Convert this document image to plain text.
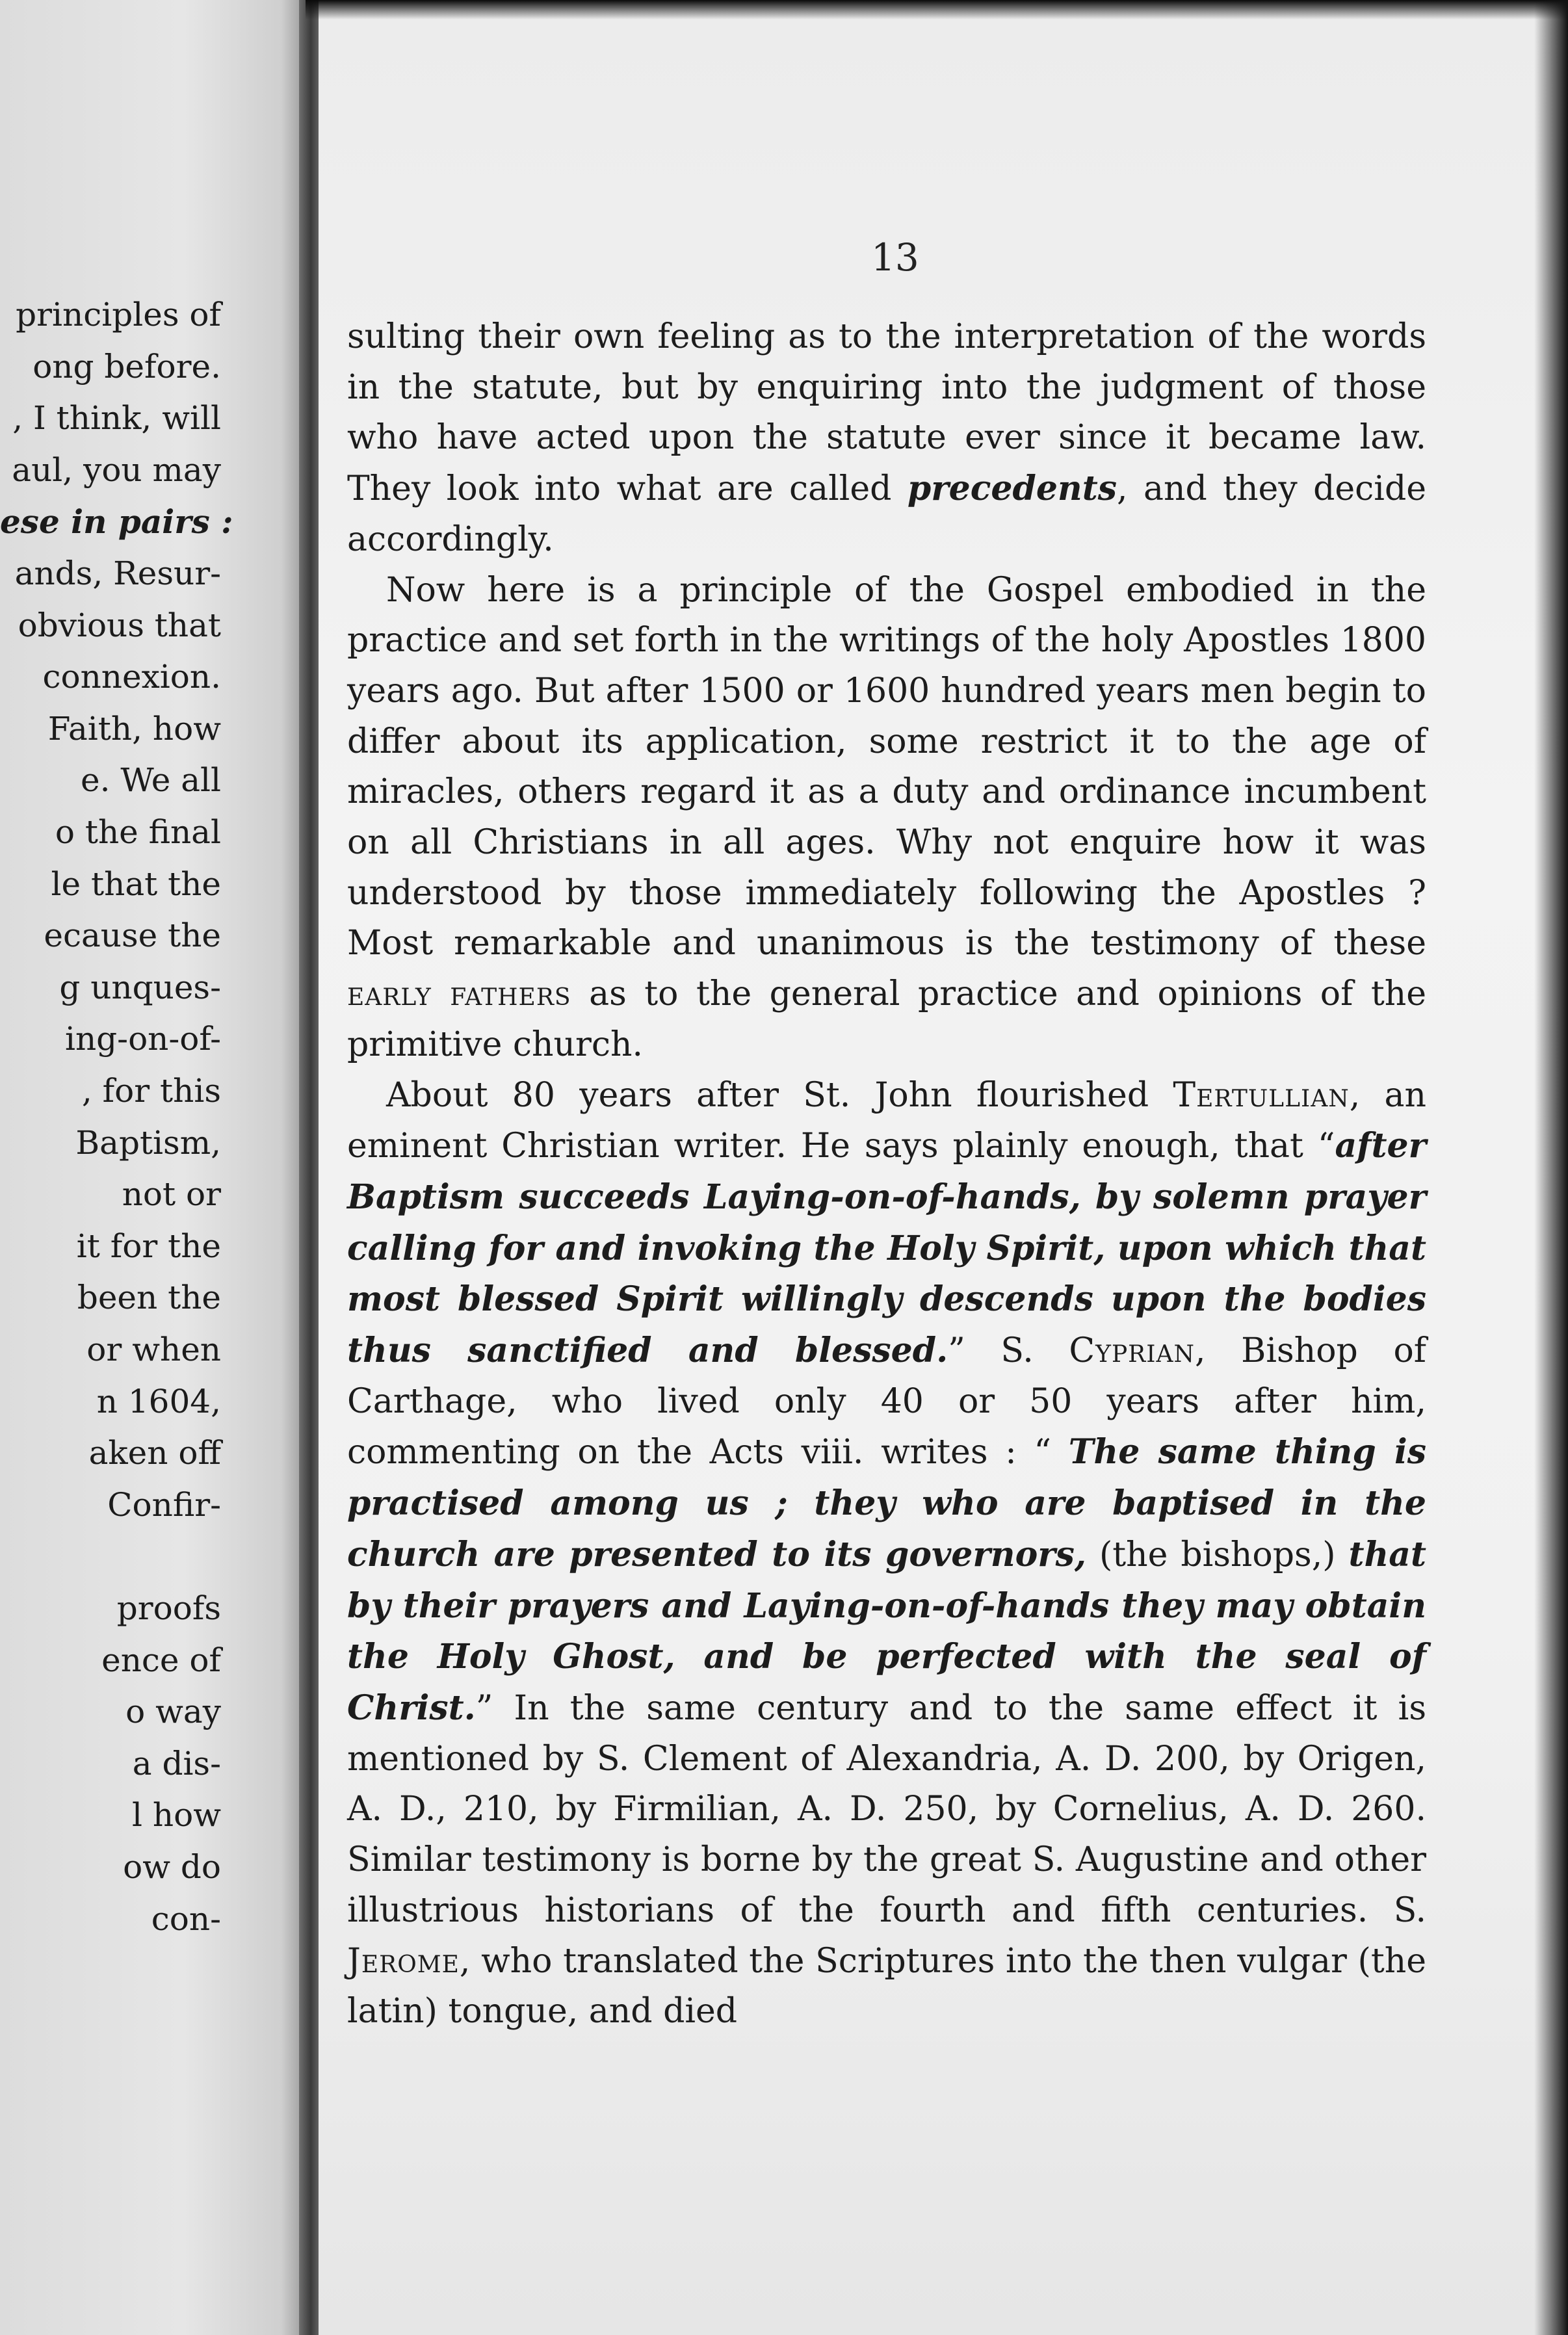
principles of
ong before.
, I think, will
aul, you may
ese in pairs :
ands, Resur-
obvious that
connexion.
Faith, how
e. We all
o the final
le that the
ecause the
g unques-
ing-on-of-
, for this
Baptism,
not or
it for the
been the
or when
n 1604,
aken off
Confir-
proofs
ence of
o way
a dis-
l how
ow do
con-
13

sulting their own feeling as to the interpretation of the words in the statute, but by enquiring into the judgment of those who have acted upon the statute ever since it became law. They look into what are called precedents, and they decide accordingly.

Now here is a principle of the Gospel embodied in the practice and set forth in the writings of the holy Apostles 1800 years ago. But after 1500 or 1600 hundred years men begin to differ about its application, some restrict it to the age of miracles, others regard it as a duty and ordinance incumbent on all Christians in all ages. Why not enquire how it was understood by those immediately following the Apostles ? Most remarkable and unanimous is the testimony of these early fathers as to the general practice and opinions of the primitive church.

About 80 years after St. John flourished Tertullian, an eminent Christian writer. He says plainly enough, that “after Baptism succeeds Laying-on-of-hands, by solemn prayer calling for and invoking the Holy Spirit, upon which that most blessed Spirit willingly descends upon the bodies thus sanctified and blessed.” S. Cyprian, Bishop of Carthage, who lived only 40 or 50 years after him, commenting on the Acts viii. writes : “ The same thing is practised among us ; they who are baptised in the church are presented to its governors, (the bishops,) that by their prayers and Laying-on-of-hands they may obtain the Holy Ghost, and be perfected with the seal of Christ.” In the same century and to the same effect it is mentioned by S. Clement of Alexandria, A. D. 200, by Origen, A. D., 210, by Firmilian, A. D. 250, by Cornelius, A. D. 260. Similar testimony is borne by the great S. Augustine and other illustrious historians of the fourth and fifth centuries. S. Jerome, who translated the Scriptures into the then vulgar (the latin) tongue, and died
